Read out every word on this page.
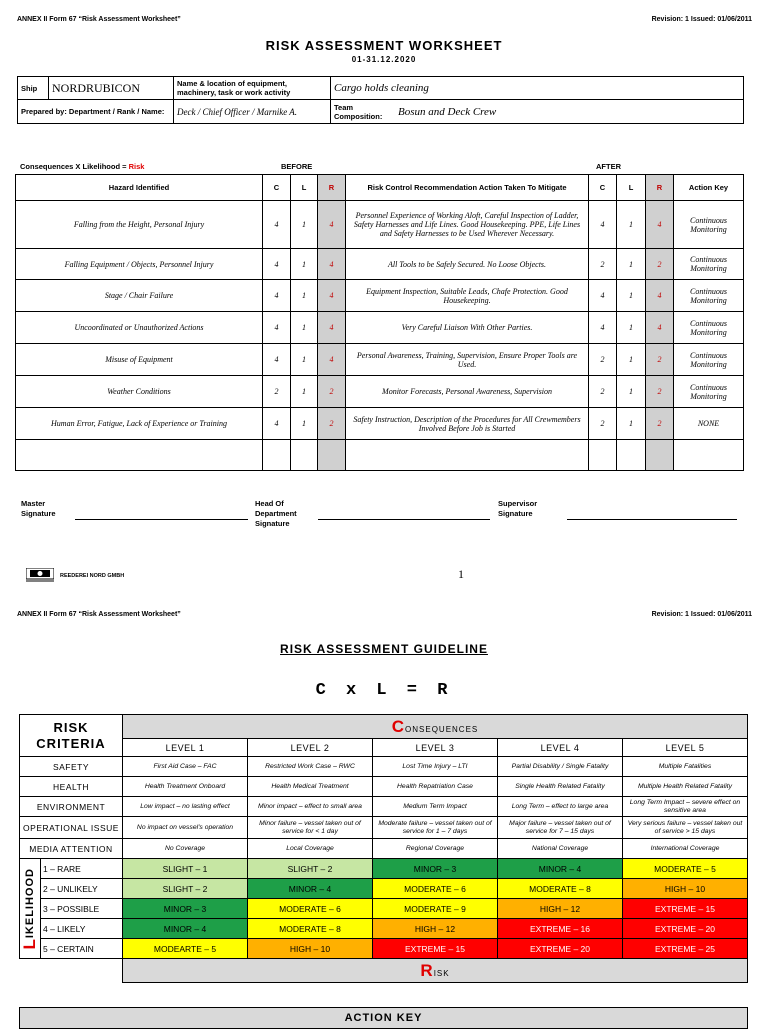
ANNEX II Form 67 “Risk Assessment Worksheet”	Revision: 1 Issued: 01/06/2011
RISK ASSESSMENT WORKSHEET
01-31.12.2020
Ship	NORDRUBICON	Name & location of equipment, machinery, task or work activity	Cargo holds cleaning
Prepared by: Department / Rank / Name:		Deck / Chief Officer / Marnike A.	Team Composition: Bosun and Deck Crew
Consequences X Likelihood = Risk	BEFORE	AFTER
Hazard Identified	C	L	R	Risk Control Recommendation Action Taken To Mitigate	C	L	R	Action Key
Falling from the Height, Personal Injury	4	1	4	Personnel Experience of Working Aloft, Careful Inspection of Ladder, Safety Harnesses and Life Lines. Good Housekeeping. PPE, Life Lines and Safety Harnesses to be Used Wherever Necessary.	4	1	4	Continuous Monitoring
Falling Equipment / Objects, Personnel Injury	4	1	4	All Tools to be Safely Secured. No Loose Objects.	2	1	2	Continuous Monitoring
Stage / Chair Failure	4	1	4	Equipment Inspection, Suitable Leads, Chafe Protection. Good Housekeeping.	4	1	4	Continuous Monitoring
Uncoordinated or Unauthorized Actions	4	1	4	Very Careful Liaison With Other Parties.	4	1	4	Continuous Monitoring
Misuse of Equipment	4	1	4	Personal Awareness, Training, Supervision, Ensure Proper Tools are Used.	2	1	2	Continuous Monitoring
Weather Conditions	2	1	2	Monitor Forecasts, Personal Awareness, Supervision	2	1	2	Continuous Monitoring
Human Error, Fatigue, Lack of Experience or Training	4	1	2	Safety Instruction, Description of the Procedures for All Crewmembers Involved Before Job is Started	2	1	2	NONE

Master Signature
Head Of Department Signature
Supervisor Signature
REEDEREI NORD GMBH	1
ANNEX II Form 67 “Risk Assessment Worksheet”	Revision: 1 Issued: 01/06/2011
RISK ASSESSMENT GUIDELINE
C x L = R
RISK CRITERIA		CONSEQUENCES				
		LEVEL 1	LEVEL 2	LEVEL 3	LEVEL 4	LEVEL 5
SAFETY		First Aid Case – FAC	Restricted Work Case – RWC	Lost Time Injury – LTI	Partial Disability / Single Fatality	Multiple Fatalities
HEALTH		Health Treatment Onboard	Health Medical Treatment	Health Repatriation Case	Single Health Related Fatality	Multiple Health Related Fatality
ENVIRONMENT		Low impact – no lasting effect	Minor impact – effect to small area	Medium Term Impact	Long Term – effect to large area	Long Term Impact – severe effect on sensitive area
OPERATIONAL ISSUE		No impact on vessel's operation	Minor failure – vessel taken out of service for < 1 day	Moderate failure – vessel taken out of service for 1 – 7 days	Major failure – vessel taken out of service for 7 – 15 days	Very serious failure – vessel taken out of service > 15 days
MEDIA ATTENTION		No Coverage	Local Coverage	Regional Coverage	National Coverage	International Coverage

LIKELIHOOD	1 – RARE	SLIGHT – 1	SLIGHT – 2	MINOR – 3	MINOR – 4	MODERATE – 5
	2 – UNLIKELY	SLIGHT – 2	MINOR – 4	MODERATE – 6	MODERATE – 8	HIGH – 10
	3 – POSSIBLE	MINOR – 3	MODERATE – 6	MODERATE – 9	HIGH – 12	EXTREME – 15
	4 – LIKELY	MINOR – 4	MODERATE – 8	HIGH – 12	EXTREME – 16	EXTREME – 20
	5 – CERTAIN	MODEARTE – 5	HIGH – 10	EXTREME – 15	EXTREME – 20	EXTREME – 25
		RISK				
ACTION KEY
